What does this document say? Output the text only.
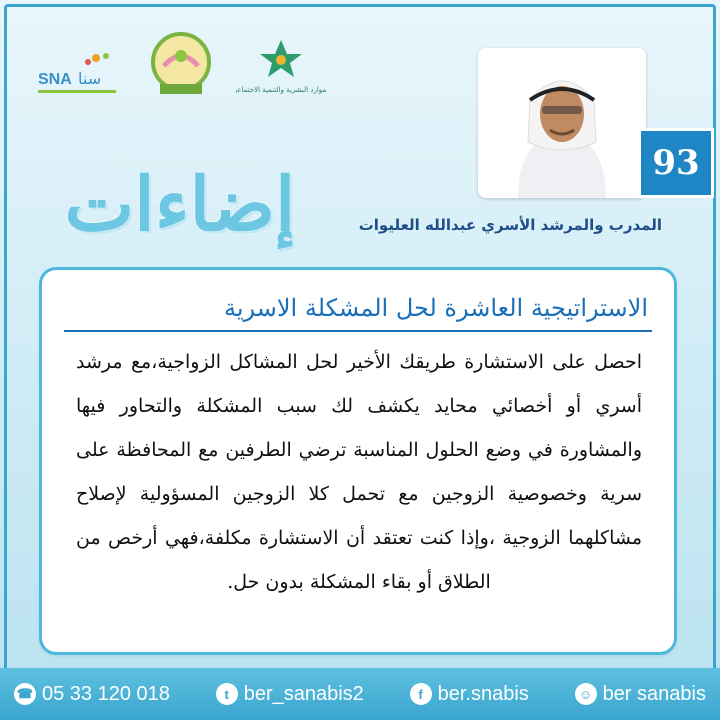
SNA سنا
الموارد البشرية والتنمية الاجتماعية
إضاءات	93
المدرب والمرشد الأسري عبدالله العليوات
الاستراتيجية العاشرة لحل المشكلة الاسرية
احصل على الاستشارة طريقك الأخير لحل المشاكل الزواجية،مع مرشد أسري أو أخصائي محايد يكشف لك سبب المشكلة والتحاور فيها والمشاورة في وضع الحلول المناسبة ترضي الطرفين مع المحافظة على سرية وخصوصية الزوجين مع تحمل كلا الزوجين المسؤولية لإصلاح مشاكلهما الزوجية ،وإذا كنت تعتقد أن الاستشارة مكلفة،فهي أرخص من الطلاق أو بقاء المشكلة بدون حل.
☎ 05 33 120 018	t ber_sanabis2	f ber.snabis	☺ ber sanabis
